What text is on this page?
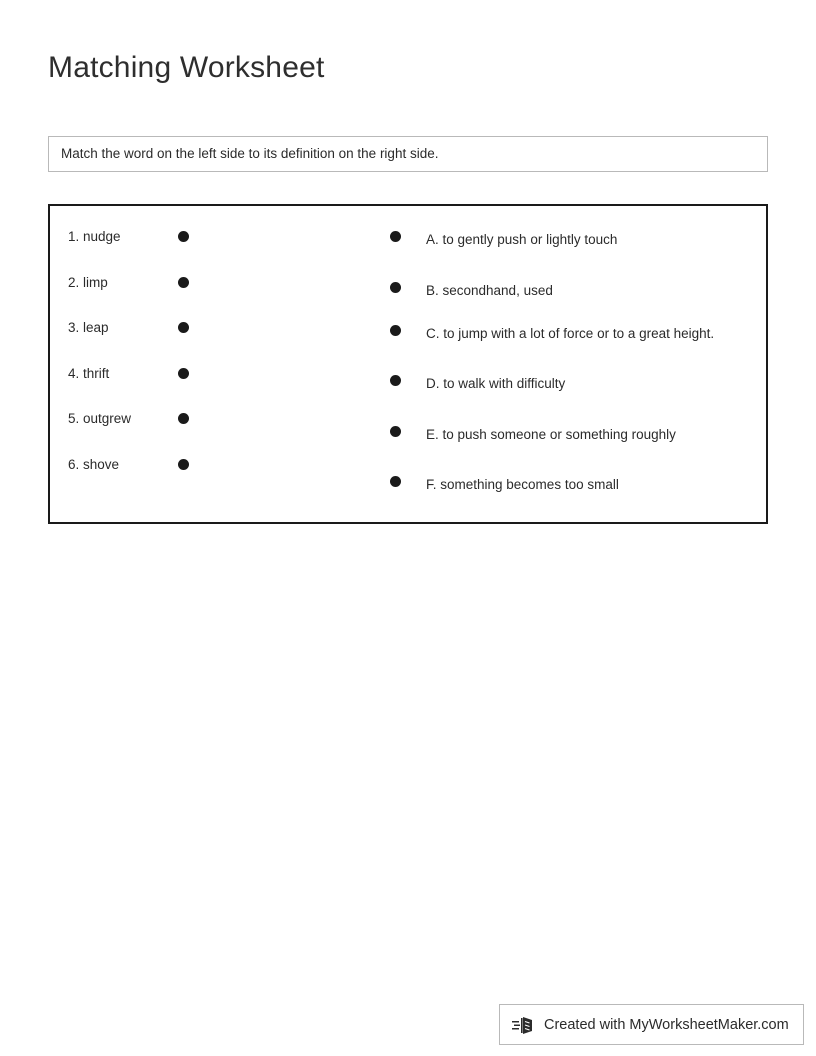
Matching Worksheet
Match the word on the left side to its definition on the right side.
1. nudge
2. limp
3. leap
4. thrift
5. outgrew
6. shove
A. to gently push or lightly touch
B. secondhand, used
C. to jump with a lot of force or to a great height.
D. to walk with difficulty
E. to push someone or something roughly
F. something becomes too small
Created with MyWorksheetMaker.com
